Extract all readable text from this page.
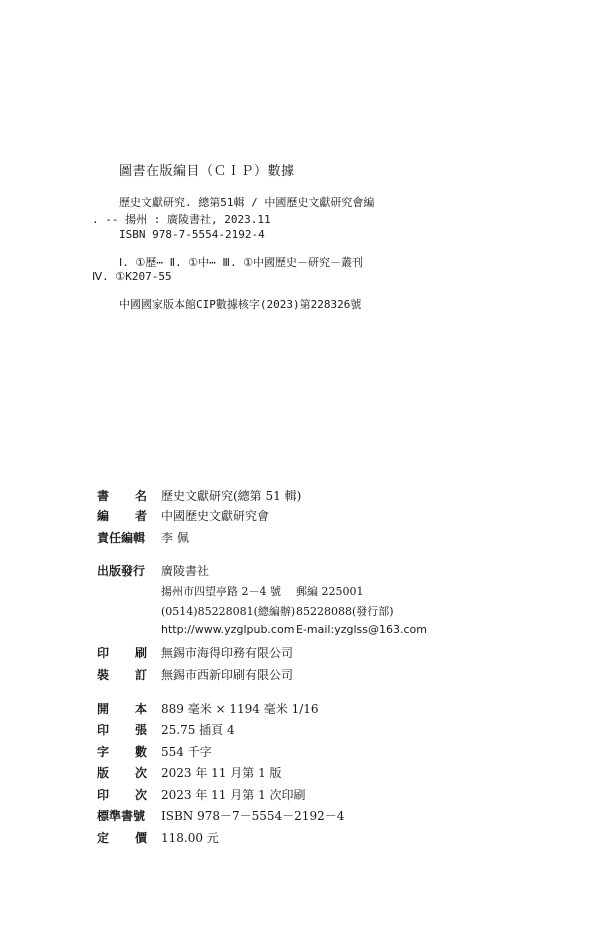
圖書在版編目（ＣＩＰ）數據
歷史文獻研究. 總第51輯 / 中國歷史文獻研究會編
. -- 揚州 : 廣陵書社, 2023.11
ISBN 978-7-5554-2192-4
Ⅰ. ①歷⋯ Ⅱ. ①中⋯ Ⅲ. ①中國歷史－研究－叢刊
Ⅳ. ①K207-55
中國國家版本館CIP數據核字(2023)第228326號
書名
歷史文獻研究(總第 51 輯)
編者
中國歷史文獻研究會
責任編輯 李 佩
出版發行 廣陵書社
揚州市四望亭路 2－4 號 郵編 225001
(0514)85228081(總編辦) 85228088(發行部)
http://www.yzglpub.com E-mail:yzglss@163.com
印刷
無錫市海得印務有限公司
裝訂
無錫市西新印刷有限公司
開本
889 毫米 × 1194 毫米 1/16
印張
25.75 插頁 4
字數
554 千字
版次
2023 年 11 月第 1 版
印次
2023 年 11 月第 1 次印刷
標準書號 ISBN 978－7－5554－2192－4
定價
118.00 元
